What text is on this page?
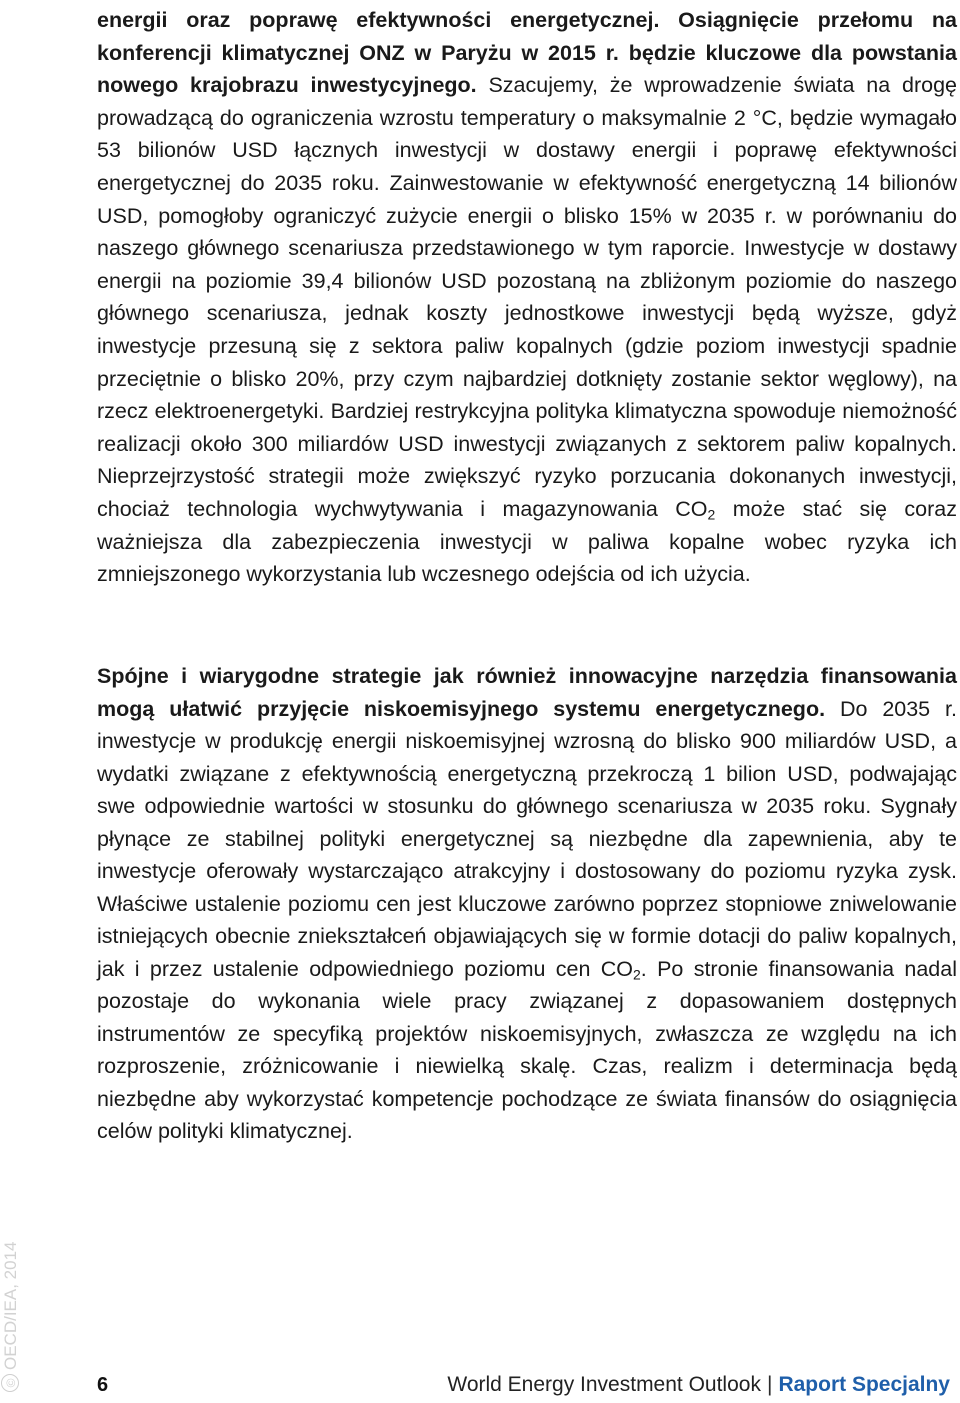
©OECD/IEA, 2014

energii oraz poprawę efektywności energetycznej. Osiągnięcie przełomu na konferencji klimatycznej ONZ w Paryżu w 2015 r. będzie kluczowe dla powstania nowego krajobrazu inwestycyjnego. Szacujemy, że wprowadzenie świata na drogę prowadzącą do ograniczenia wzrostu temperatury o maksymalnie 2 °C, będzie wymagało 53 bilionów USD łącznych inwestycji w dostawy energii i poprawę efektywności energetycznej do 2035 roku. Zainwestowanie w efektywność energetyczną 14 bilionów USD, pomogłoby ograniczyć zużycie energii o blisko 15% w 2035 r. w porównaniu do naszego głównego scenariusza przedstawionego w tym raporcie. Inwestycje w dostawy energii na poziomie 39,4 bilionów USD pozostaną na zbliżonym poziomie do naszego głównego scenariusza, jednak koszty jednostkowe inwestycji będą wyższe, gdyż inwestycje przesuną się z sektora paliw kopalnych (gdzie poziom inwestycji spadnie przeciętnie o blisko 20%, przy czym najbardziej dotknięty zostanie sektor węglowy), na rzecz elektroenergetyki. Bardziej restrykcyjna polityka klimatyczna spowoduje niemożność realizacji około 300 miliardów USD inwestycji związanych z sektorem paliw kopalnych. Nieprzejrzystość strategii może zwiększyć ryzyko porzucania dokonanych inwestycji, chociaż technologia wychwytywania i magazynowania $CO_2$ może stać się coraz ważniejsza dla zabezpieczenia inwestycji w paliwa kopalne wobec ryzyka ich zmniejszonego wykorzystania lub wczesnego odejścia od ich użycia.

Spójne i wiarygodne strategie jak również innowacyjne narzędzia finansowania mogą ułatwić przyjęcie niskoemisyjnego systemu energetycznego. Do 2035 r. inwestycje w produkcję energii niskoemisyjnej wzrosną do blisko 900 miliardów USD, a wydatki związane z efektywnością energetyczną przekroczą 1 bilion USD, podwajając swe odpowiednie wartości w stosunku do głównego scenariusza w 2035 roku. Sygnały płynące ze stabilnej polityki energetycznej są niezbędne dla zapewnienia, aby te inwestycje oferowały wystarczająco atrakcyjny i dostosowany do poziomu ryzyka zysk. Właściwe ustalenie poziomu cen jest kluczowe zarówno poprzez stopniowe zniwelowanie istniejących obecnie zniekształceń objawiających się w formie dotacji do paliw kopalnych, jak i przez ustalenie odpowiedniego poziomu cen $CO_2$. Po stronie finansowania nadal pozostaje do wykonania wiele pracy związanej z dopasowaniem dostępnych instrumentów ze specyfiką projektów niskoemisyjnych, zwłaszcza ze względu na ich rozproszenie, zróżnicowanie i niewielką skalę. Czas, realizm i determinacja będą niezbędne aby wykorzystać kompetencje pochodzące ze świata finansów do osiągnięcia celów polityki klimatycznej.

6	World Energy Investment Outlook | Raport Specjalny
